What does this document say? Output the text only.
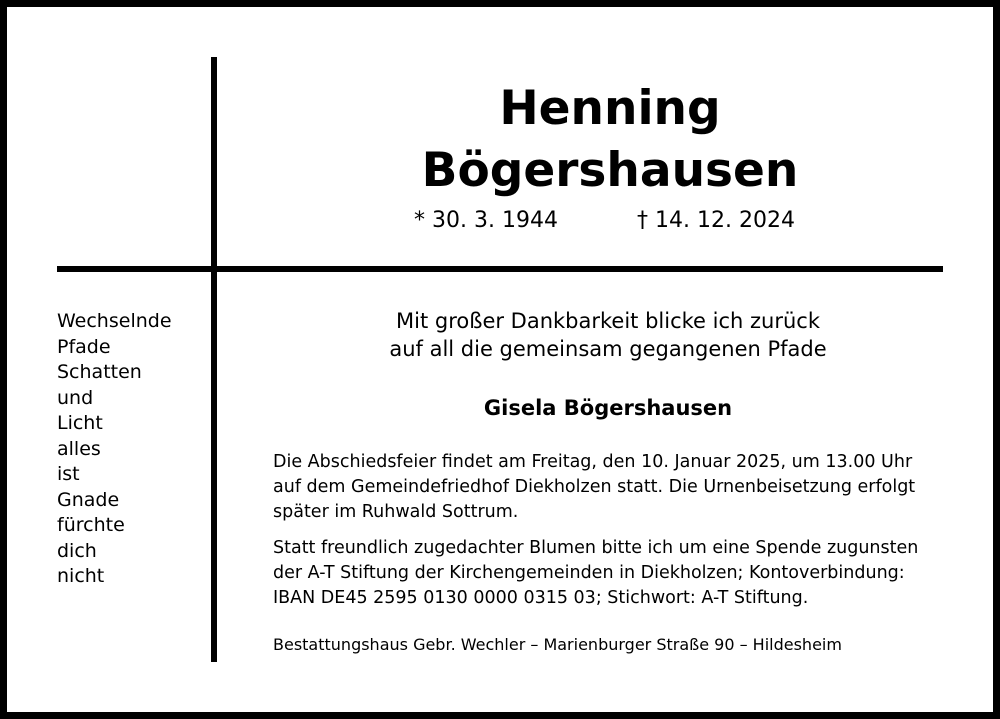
Henning
Bögershausen
* 30. 3. 1944	† 14. 12. 2024
Wechselnde
Pfade
Schatten
und
Licht
alles
ist
Gnade
fürchte
dich
nicht
Mit großer Dankbarkeit blicke ich zurück
auf all die gemeinsam gegangenen Pfade
Gisela Bögershausen
Die Abschiedsfeier findet am Freitag, den 10. Januar 2025, um 13.00 Uhr
auf dem Gemeindefriedhof Diekholzen statt. Die Urnenbeisetzung erfolgt
später im Ruhwald Sottrum.
Statt freundlich zugedachter Blumen bitte ich um eine Spende zugunsten
der A-T Stiftung der Kirchengemeinden in Diekholzen; Kontoverbindung:
IBAN DE45 2595 0130 0000 0315 03; Stichwort: A-T Stiftung.
Bestattungshaus Gebr. Wechler – Marienburger Straße 90 – Hildesheim
